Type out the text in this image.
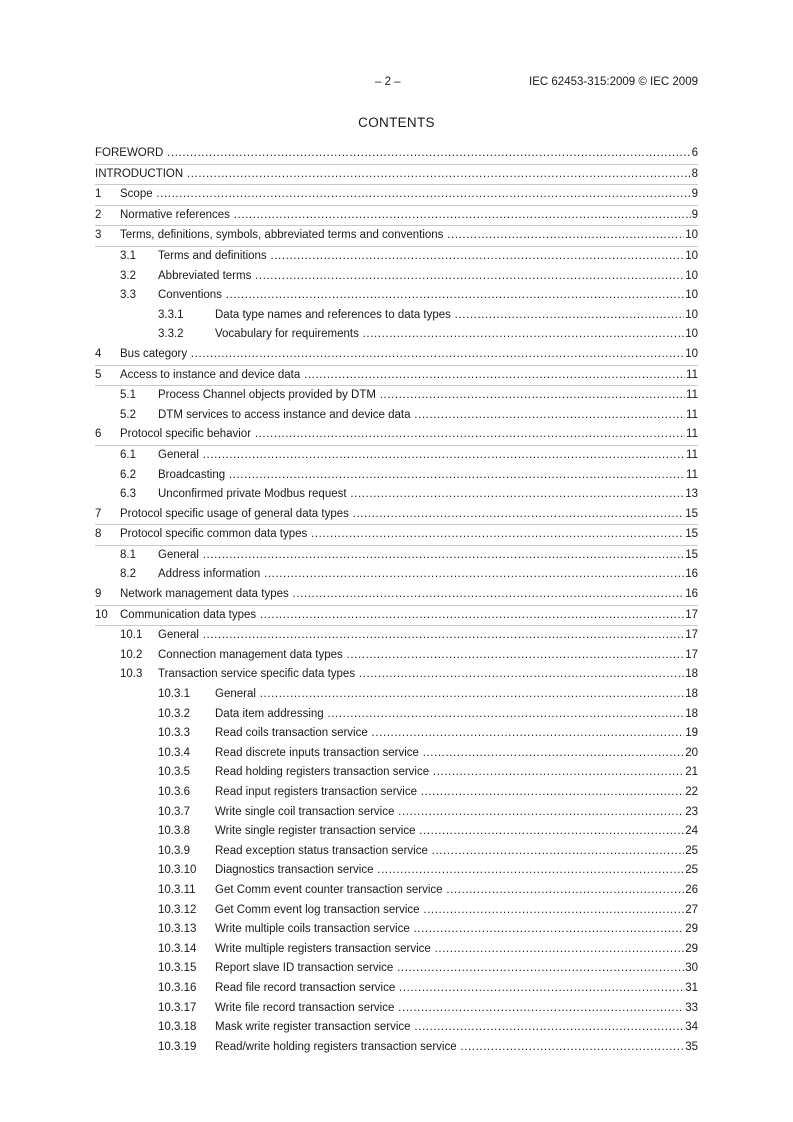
– 2 –	IEC 62453-315:2009 © IEC 2009
CONTENTS
FOREWORD .....	6
INTRODUCTION .....	8
1	Scope .....	9
2	Normative references .....	9
3	Terms, definitions, symbols, abbreviated terms and conventions .....	10
3.1	Terms and definitions .....	10
3.2	Abbreviated terms .....	10
3.3	Conventions .....	10
3.3.1	Data type names and references to data types .....	10
3.3.2	Vocabulary for requirements .....	10
4	Bus category .....	10
5	Access to instance and device data .....	11
5.1	Process Channel objects provided by DTM .....	11
5.2	DTM services to access instance and device data .....	11
6	Protocol specific behavior .....	11
6.1	General .....	11
6.2	Broadcasting .....	11
6.3	Unconfirmed private Modbus request .....	13
7	Protocol specific usage of general data types .....	15
8	Protocol specific common data types .....	15
8.1	General .....	15
8.2	Address information .....	16
9	Network management data types .....	16
10	Communication data types .....	17
10.1	General .....	17
10.2	Connection management data types .....	17
10.3	Transaction service specific data types .....	18
10.3.1	General .....	18
10.3.2	Data item addressing .....	18
10.3.3	Read coils transaction service .....	19
10.3.4	Read discrete inputs transaction service .....	20
10.3.5	Read holding registers transaction service .....	21
10.3.6	Read input registers transaction service .....	22
10.3.7	Write single coil transaction service .....	23
10.3.8	Write single register transaction service .....	24
10.3.9	Read exception status transaction service .....	25
10.3.10	Diagnostics transaction service .....	25
10.3.11	Get Comm event counter transaction service .....	26
10.3.12	Get Comm event log transaction service .....	27
10.3.13	Write multiple coils transaction service .....	29
10.3.14	Write multiple registers transaction service .....	29
10.3.15	Report slave ID transaction service .....	30
10.3.16	Read file record transaction service .....	31
10.3.17	Write file record transaction service .....	33
10.3.18	Mask write register transaction service .....	34
10.3.19	Read/write holding registers transaction service .....	35
